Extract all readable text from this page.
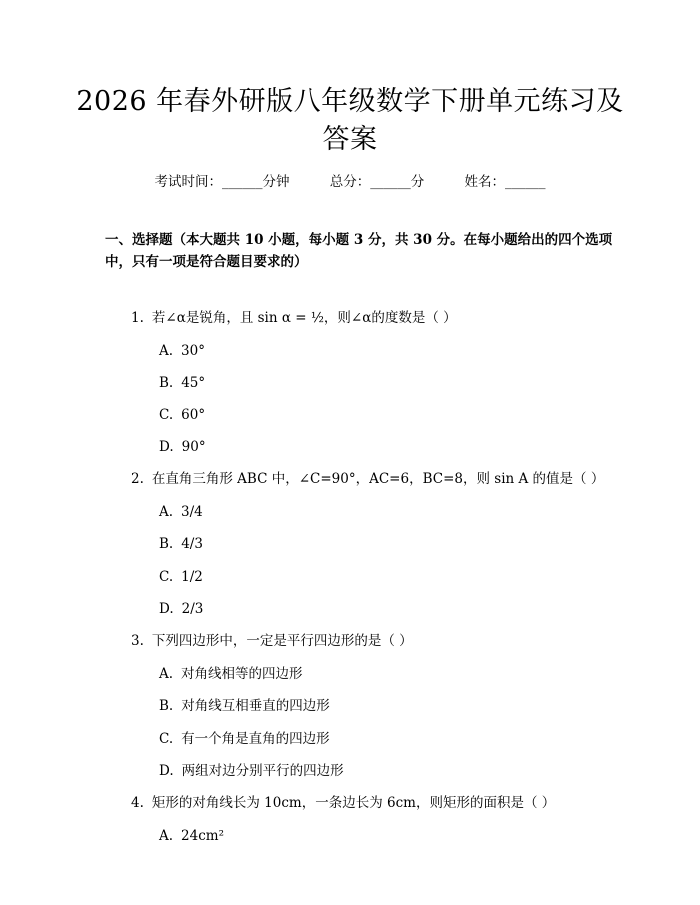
2026 年春外研版八年级数学下册单元练习及
答案
考试时间：______分钟	总分：______分	姓名：______
一、选择题（本大题共 10 小题，每小题 3 分，共 30 分。在每小题给出的四个选项中，只有一项是符合题目要求的）
1. 若∠α是锐角，且 sin α = ½，则∠α的度数是（ ）
A. 30°
B. 45°
C. 60°
D. 90°
2. 在直角三角形 ABC 中，∠C=90°，AC=6，BC=8，则 sin A 的值是（ ）
A. 3/4
B. 4/3
C. 1/2
D. 2/3
3. 下列四边形中，一定是平行四边形的是（ ）
A. 对角线相等的四边形
B. 对角线互相垂直的四边形
C. 有一个角是直角的四边形
D. 两组对边分别平行的四边形
4. 矩形的对角线长为 10cm，一条边长为 6cm，则矩形的面积是（ ）
A. 24cm²
